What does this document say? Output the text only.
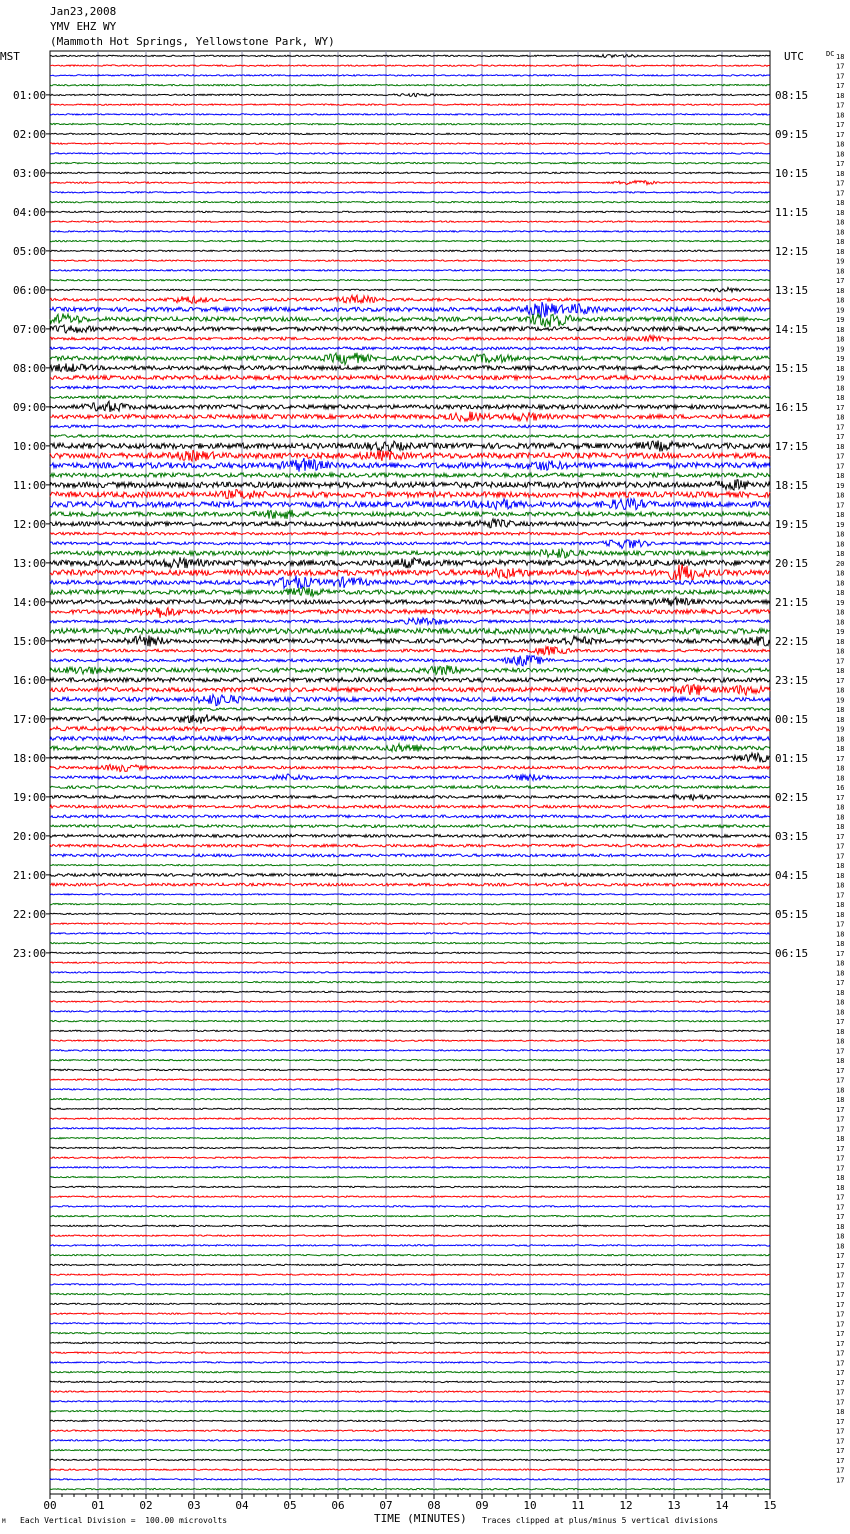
Jan23,2008
YMV EHZ WY
(Mammoth Hot Springs, Yellowstone Park, WY)
MST	UTC	DC
01:00
02:00
03:00
04:00
05:00
06:00
07:00
08:00
09:00
10:00
11:00
12:00
13:00
14:00
15:00
16:00
17:00
18:00
19:00
20:00
21:00
22:00
23:00
08:15
09:15
10:15
11:15
12:15
13:15
14:15
15:15
16:15
17:15
18:15
19:15
20:15
21:15
22:15
23:15
00:15
01:15
02:15
03:15
04:15
05:15
06:15
18
17
17
17
18
17
18
17
17
18
18
17
18
17
17
18
18
18
18
18
18
19
18
17
18
18
19
19
18
18
19
19
18
19
18
18
17
18
17
17
18
17
17
18
19
18
17
18
19
18
18
18
20
18
18
18
19
18
18
19
18
18
17
18
17
18
19
18
18
19
18
18
17
18
18
16
17
18
18
18
17
17
17
18
18
18
17
18
18
17
18
18
17
18
18
17
18
18
18
17
18
18
17
18
17
17
18
18
17
17
17
18
17
17
17
18
18
17
17
17
18
18
18
17
17
17
17
17
17
17
17
17
17
17
17
17
17
17
17
18
17
17
17
17
17
17
17
00	01	02	03	04	05	06	07	08	09	10	11	12	13	14	15
TIME (MINUTES)
M Each Vertical Division =  100.00 microvolts	Traces clipped at plus/minus 5 vertical divisions
